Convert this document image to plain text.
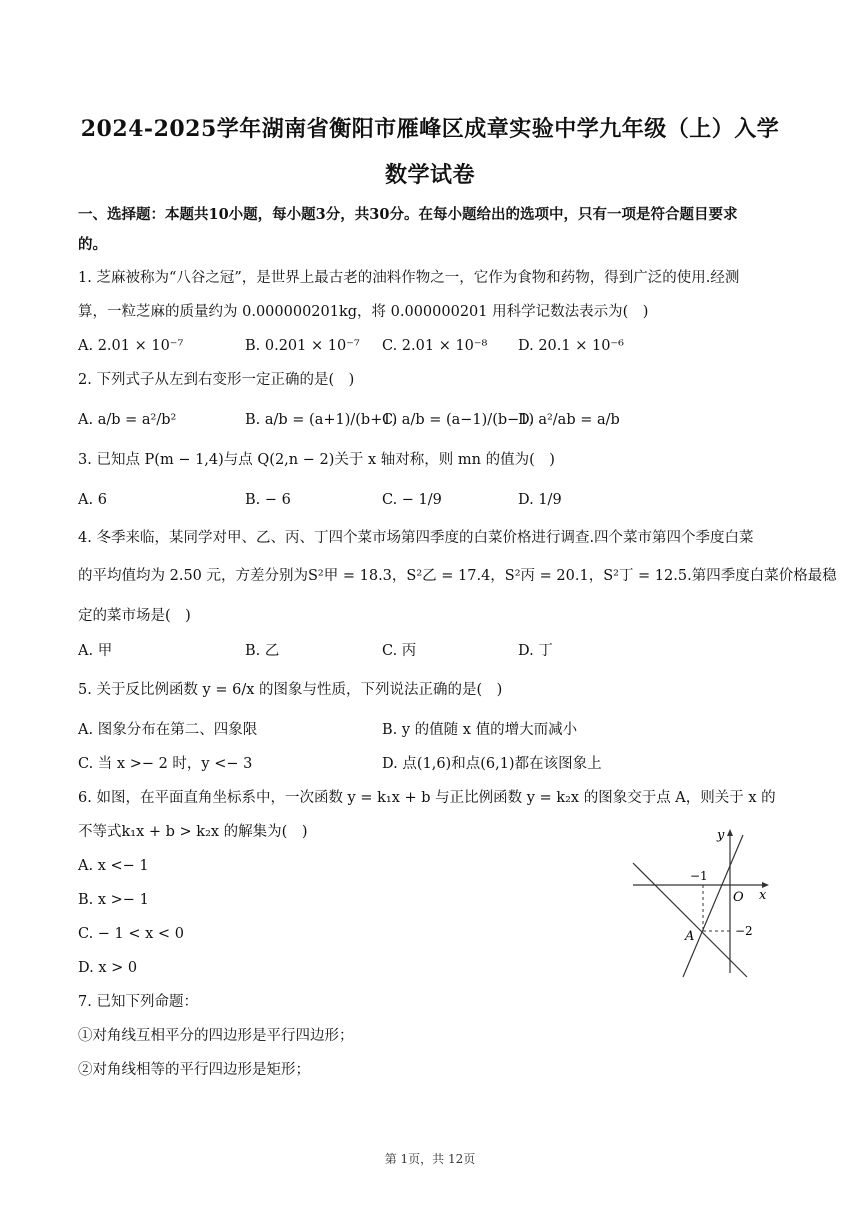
2024-2025学年湖南省衡阳市雁峰区成章实验中学九年级（上）入学
数学试卷
一、选择题：本题共10小题，每小题3分，共30分。在每小题给出的选项中，只有一项是符合题目要求
的。
1. 芝麻被称为“八谷之冠”，是世界上最古老的油料作物之一，它作为食物和药物，得到广泛的使用.经测
算，一粒芝麻的质量约为 0.000000201kg，将 0.000000201 用科学记数法表示为(　)
A. 2.01 × 10⁻⁷	B. 0.201 × 10⁻⁷ C. 2.01 × 10⁻⁸ D. 20.1 × 10⁻⁶
2. 下列式子从左到右变形一定正确的是(　)
A. a/b = a²/b²	B. a/b = (a+1)/(b+1)
C. a/b = (a−1)/(b−1)
D. a²/ab = a/b
3. 已知点 P(m − 1,4)与点 Q(2,n − 2)关于 x 轴对称，则 mn 的值为(　)
A. 6	B. − 6	C. − 1/9	D. 1/9
4. 冬季来临，某同学对甲、乙、丙、丁四个菜市场第四季度的白菜价格进行调查.四个菜市第四个季度白菜
的平均值均为 2.50 元，方差分别为S²甲 = 18.3，S²乙 = 17.4，S²丙 = 20.1，S²丁 = 12.5.第四季度白菜价格最稳
定的菜市场是(　)
A. 甲	B. 乙	C. 丙	D. 丁
5. 关于反比例函数 y = 6/x 的图象与性质，下列说法正确的是(　)
A. 图象分布在第二、四象限	B. y 的值随 x 值的增大而减小
C. 当 x >− 2 时，y <− 3	D. 点(1,6)和点(6,1)都在该图象上
6. 如图，在平面直角坐标系中，一次函数 y = k₁x + b 与正比例函数 y = k₂x 的图象交于点 A，则关于 x 的
不等式k₁x + b > k₂x 的解集为(　)
A. x <− 1
B. x >− 1
C. − 1 < x < 0
D. x > 0
y
x
O
A
−1
−2
7. 已知下列命题：
①对角线互相平分的四边形是平行四边形；
②对角线相等的平行四边形是矩形；
第 1页，共 12页
